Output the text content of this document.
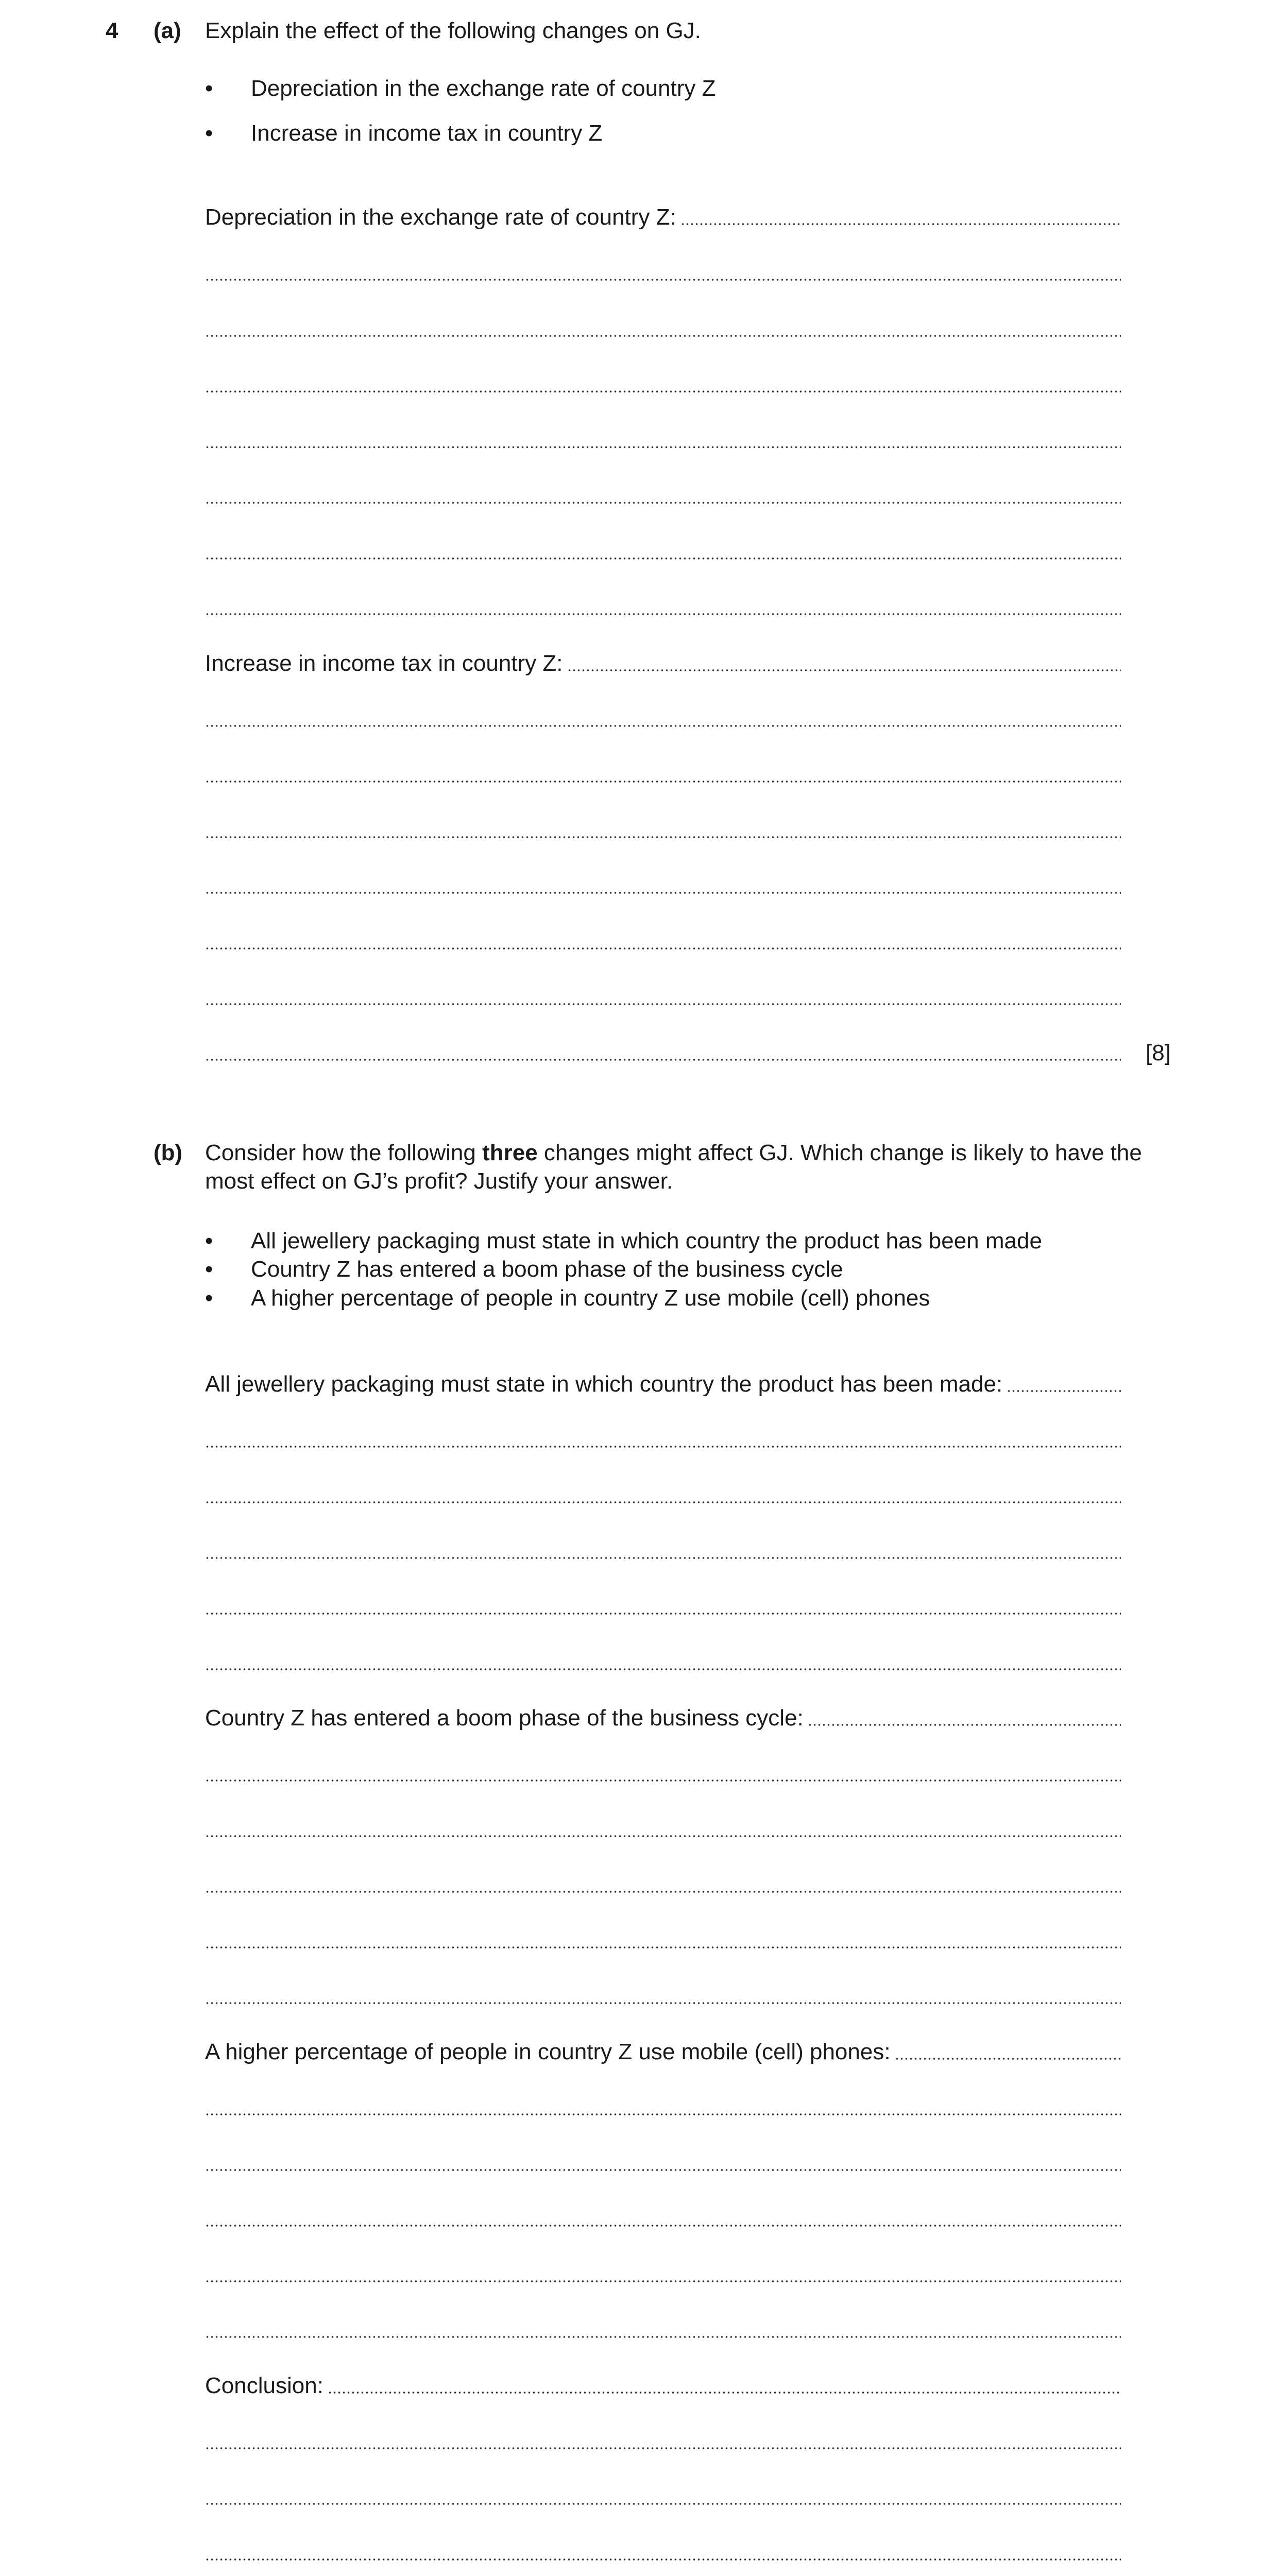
4 (a) Explain the effect of the following changes on GJ.
• Depreciation in the exchange rate of country Z
• Increase in income tax in country Z
Depreciation in the exchange rate of country Z:
Increase in income tax in country Z:
[8]
(b) Consider how the following three changes might affect GJ. Which change is likely to have the most effect on GJ’s profit? Justify your answer.
• All jewellery packaging must state in which country the product has been made
• Country Z has entered a boom phase of the business cycle
• A higher percentage of people in country Z use mobile (cell) phones
All jewellery packaging must state in which country the product has been made:
Country Z has entered a boom phase of the business cycle:
A higher percentage of people in country Z use mobile (cell) phones:
Conclusion:
